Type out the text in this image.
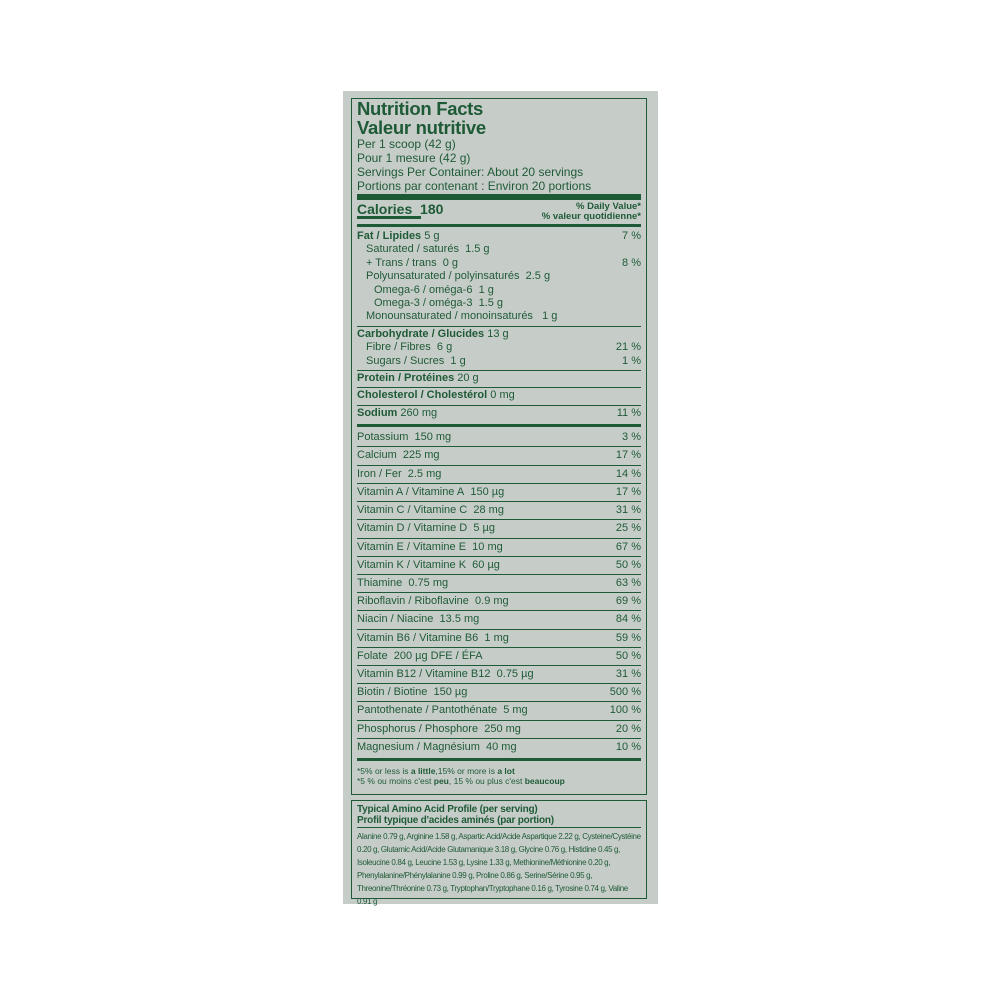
Nutrition Facts
Valeur nutritive
Per 1 scoop (42 g)
Pour 1 mesure (42 g)
Servings Per Container: About 20 servings
Portions par contenant : Environ 20 portions
Calories 180	% Daily Value*
% valeur quotidienne*
Fat / Lipides 5 g	7 %
Saturated / saturés 1.5 g
+ Trans / trans 0 g	8 %
Polyunsaturated / polyinsaturés 2.5 g
Omega-6 / oméga-6 1 g
Omega-3 / oméga-3 1.5 g
Monounsaturated / monoinsaturés 1 g
Carbohydrate / Glucides 13 g
Fibre / Fibres 6 g	21 %
Sugars / Sucres 1 g	1 %
Protein / Protéines 20 g
Cholesterol / Cholestérol 0 mg
Sodium 260 mg	11 %
Potassium 150 mg	3 %
Calcium 225 mg	17 %
Iron / Fer 2.5 mg	14 %
Vitamin A / Vitamine A 150 µg	17 %
Vitamin C / Vitamine C 28 mg	31 %
Vitamin D / Vitamine D 5 µg	25 %
Vitamin E / Vitamine E 10 mg	67 %
Vitamin K / Vitamine K 60 µg	50 %
Thiamine 0.75 mg	63 %
Riboflavin / Riboflavine 0.9 mg	69 %
Niacin / Niacine 13.5 mg	84 %
Vitamin B6 / Vitamine B6 1 mg	59 %
Folate 200 µg DFE / ÉFA	50 %
Vitamin B12 / Vitamine B12 0.75 µg	31 %
Biotin / Biotine 150 µg	500 %
Pantothenate / Pantothénate 5 mg	100 %
Phosphorus / Phosphore 250 mg	20 %
Magnesium / Magnésium 40 mg	10 %
*5% or less is a little,15% or more is a lot
*5 % ou moins c'est peu, 15 % ou plus c'est beaucoup
Typical Amino Acid Profile (per serving)
Profil typique d'acides aminés (par portion)
Alanine 0.79 g, Arginine 1.58 g, Aspartic Acid/Acide Aspartique 2.22 g, Cysteine/Cystéine 0.20 g, Glutamic Acid/Acide Glutamanique 3.18 g, Glycine 0.76 g, Histidine 0.45 g, Isoleucine 0.84 g, Leucine 1.53 g, Lysine 1.33 g, Methionine/Méthionine 0.20 g, Phenylalanine/Phénylalanine 0.99 g, Proline 0.86 g, Serine/Sérine 0.95 g, Threonine/Thréonine 0.73 g, Tryptophan/Tryptophane 0.16 g, Tyrosine 0.74 g, Valine 0.91 g
